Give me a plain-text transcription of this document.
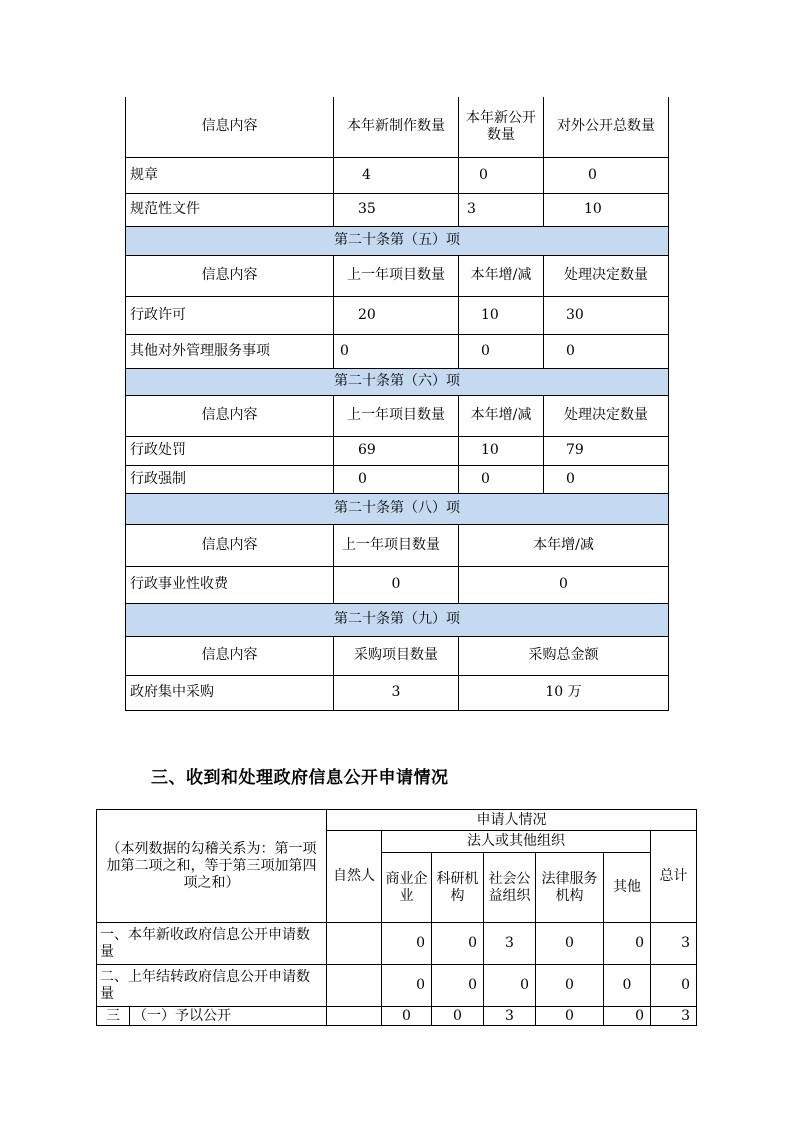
信息内容	本年新制作数量	本年新公开数量	对外公开总数量
规章	4	0	0
规范性文件	35	3	10
第二十条第（五）项			
信息内容	上一年项目数量	本年增/减	处理决定数量
行政许可	20	10	30
其他对外管理服务事项	0	0	0
第二十条第（六）项			
信息内容	上一年项目数量	本年增/减	处理决定数量
行政处罚	69	10	79
行政强制	0	0	0
第二十条第（八）项			
信息内容	上一年项目数量	本年增/减	
行政事业性收费	0	0	
第二十条第（九）项			
信息内容	采购项目数量	采购总金额	
政府集中采购	3	10 万	
三、收到和处理政府信息公开申请情况
（本列数据的勾稽关系为：第一项加第二项之和，等于第三项加第四项之和）		申请人情况						
		自然人	法人或其他组织					总计
			商业企业	科研机构	社会公益组织	法律服务机构	其他	
一、本年新收政府信息公开申请数量			0	0	3	0	0	3
二、上年结转政府信息公开申请数量			0	0	0	0	0	0
三	（一）予以公开		0	0	3	0	0	3
